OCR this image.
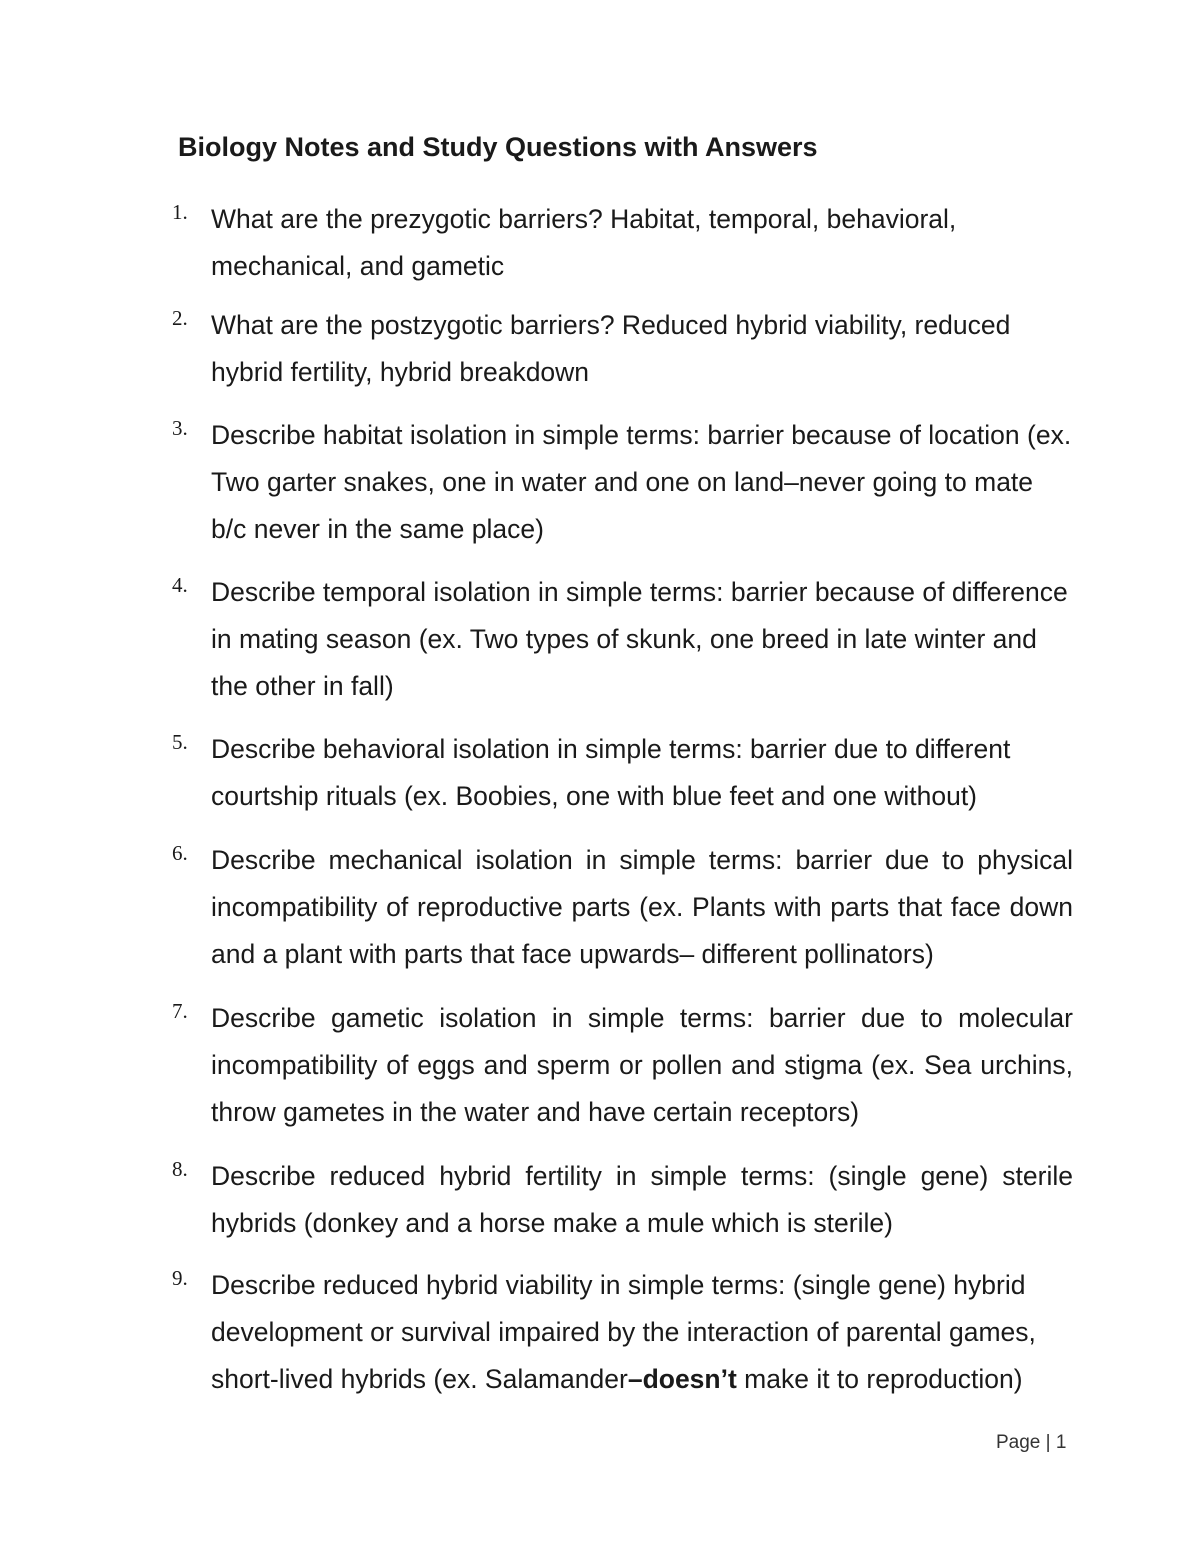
Biology Notes and Study Questions with Answers
1. What are the prezygotic barriers? Habitat, temporal, behavioral, mechanical, and gametic

2. What are the postzygotic barriers? Reduced hybrid viability, reduced hybrid fertility, hybrid breakdown

3. Describe habitat isolation in simple terms: barrier because of location (ex. Two garter snakes, one in water and one on land–never going to mate b/c never in the same place)

4. Describe temporal isolation in simple terms: barrier because of difference in mating season (ex. Two types of skunk, one breed in late winter and the other in fall)

5. Describe behavioral isolation in simple terms: barrier due to different courtship rituals (ex. Boobies, one with blue feet and one without)

6. Describe mechanical isolation in simple terms: barrier due to physical incompatibility of reproductive parts (ex. Plants with parts that face down and a plant with parts that face upwards– different pollinators)

7. Describe gametic isolation in simple terms: barrier due to molecular incompatibility of eggs and sperm or pollen and stigma (ex. Sea urchins, throw gametes in the water and have certain receptors)

8. Describe reduced hybrid fertility in simple terms: (single gene) sterile hybrids (donkey and a horse make a mule which is sterile)

9. Describe reduced hybrid viability in simple terms: (single gene) hybrid development or survival impaired by the interaction of parental games, short-lived hybrids (ex. Salamander–doesn’t make it to reproduction)

Page | 1
